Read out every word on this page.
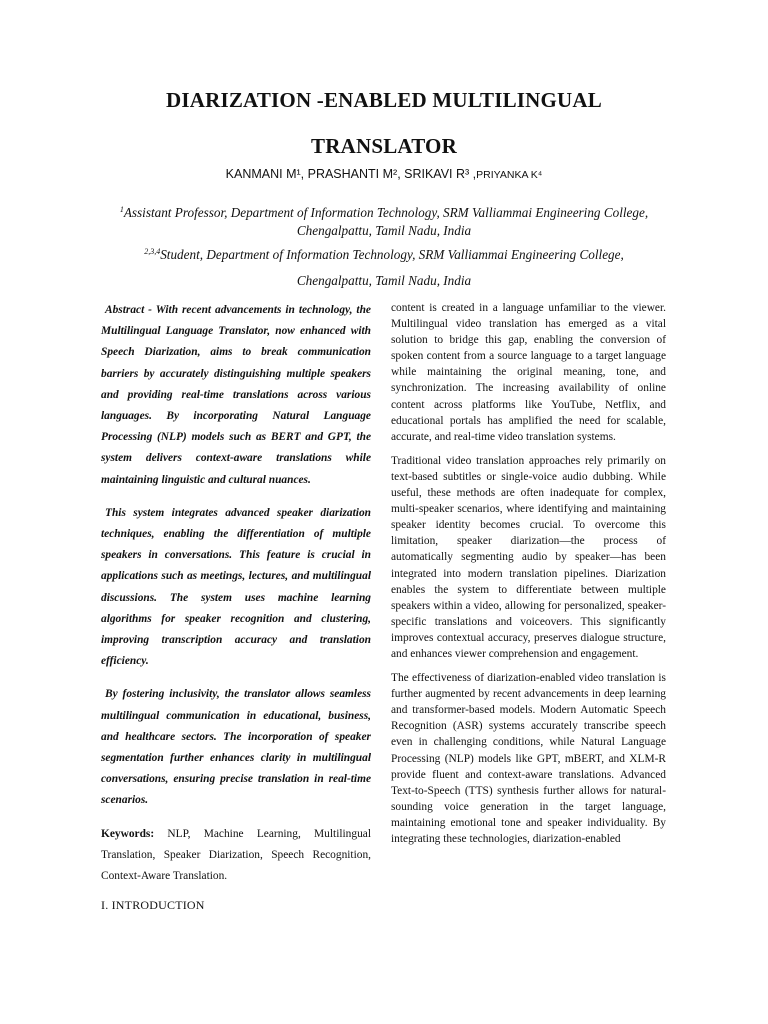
DIARIZATION -ENABLED MULTILINGUAL
TRANSLATOR
KANMANI M¹, PRASHANTI M², SRIKAVI R³ ,PRIYANKA K⁴
$^1$Assistant Professor, Department of Information Technology, SRM Valliammai Engineering College, Chengalpattu, Tamil Nadu, India
$^{2,3,4}$Student, Department of Information Technology, SRM Valliammai Engineering College,
Chengalpattu, Tamil Nadu, India

Abstract - With recent advancements in technology, the Multilingual Language Translator, now enhanced with Speech Diarization, aims to break communication barriers by accurately distinguishing multiple speakers and providing real-time translations across various languages. By incorporating Natural Language Processing (NLP) models such as BERT and GPT, the system delivers context-aware translations while maintaining linguistic and cultural nuances.

This system integrates advanced speaker diarization techniques, enabling the differentiation of multiple speakers in conversations. This feature is crucial in applications such as meetings, lectures, and multilingual discussions. The system uses machine learning algorithms for speaker recognition and clustering, improving transcription accuracy and translation efficiency.

By fostering inclusivity, the translator allows seamless multilingual communication in educational, business, and healthcare sectors. The incorporation of speaker segmentation further enhances clarity in multilingual conversations, ensuring precise translation in real-time scenarios.

Keywords: NLP, Machine Learning, Multilingual Translation, Speaker Diarization, Speech Recognition, Context-Aware Translation.

I. INTRODUCTION

content is created in a language unfamiliar to the viewer. Multilingual video translation has emerged as a vital solution to bridge this gap, enabling the conversion of spoken content from a source language to a target language while maintaining the original meaning, tone, and synchronization. The increasing availability of online content across platforms like YouTube, Netflix, and educational portals has amplified the need for scalable, accurate, and real-time video translation systems.

Traditional video translation approaches rely primarily on text-based subtitles or single-voice audio dubbing. While useful, these methods are often inadequate for complex, multi-speaker scenarios, where identifying and maintaining speaker identity becomes crucial. To overcome this limitation, speaker diarization—the process of automatically segmenting audio by speaker—has been integrated into modern translation pipelines. Diarization enables the system to differentiate between multiple speakers within a video, allowing for personalized, speaker-specific translations and voiceovers. This significantly improves contextual accuracy, preserves dialogue structure, and enhances viewer comprehension and engagement.

The effectiveness of diarization-enabled video translation is further augmented by recent advancements in deep learning and transformer-based models. Modern Automatic Speech Recognition (ASR) systems accurately transcribe speech even in challenging conditions, while Natural Language Processing (NLP) models like GPT, mBERT, and XLM-R provide fluent and context-aware translations. Advanced Text-to-Speech (TTS) synthesis further allows for natural-sounding voice generation in the target language, maintaining emotional tone and speaker individuality. By integrating these technologies, diarization-enabled
